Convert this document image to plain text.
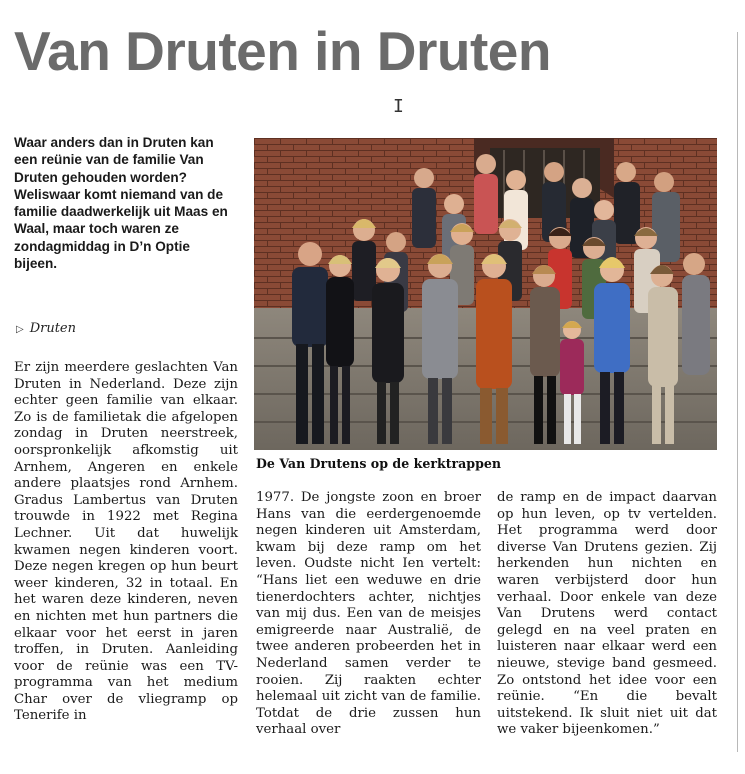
Van Druten in Druten
I

Waar anders dan in Druten kan een reünie van de familie Van Druten gehouden worden? Weliswaar komt niemand van de familie daadwerkelijk uit Maas en Waal, maar toch waren ze zondagmiddag in D’n Optie bijeen.

▷ Druten

Er zijn meerdere geslachten Van Druten in Nederland. Deze zijn echter geen familie van elkaar. Zo is de familietak die afgelopen zondag in Druten neerstreek, oorspronkelijk afkomstig uit Arnhem, Angeren en enkele andere plaatsjes rond Arnhem. Gradus Lambertus van Druten trouwde in 1922 met Regina Lechner. Uit dat huwelijk kwamen negen kinderen voort. Deze negen kregen op hun beurt weer kinderen, 32 in totaal. En het waren deze kinderen, neven en nichten met hun partners die elkaar voor het eerst in jaren troffen, in Druten. Aanleiding voor de reünie was een TV-programma van het medium Char over de vliegramp op Tenerife in

De Van Drutens op de kerktrappen

1977. De jongste zoon en broer Hans van die eerdergenoemde negen kinderen uit Amsterdam, kwam bij deze ramp om het leven. Oudste nicht Ien vertelt: “Hans liet een weduwe en drie tienerdochters achter, nichtjes van mij dus. Een van de meisjes emigreerde naar Australië, de twee anderen probeerden het in Nederland samen verder te rooien. Zij raakten echter helemaal uit zicht van de familie. Totdat de drie zussen hun verhaal over

de ramp en de impact daarvan op hun leven, op tv vertelden. Het programma werd door diverse Van Drutens gezien. Zij herkenden hun nichten en waren verbijsterd door hun verhaal. Door enkele van deze Van Drutens werd contact gelegd en na veel praten en luisteren naar elkaar werd een nieuwe, stevige band gesmeed. Zo ontstond het idee voor een reünie. “En die bevalt uitstekend. Ik sluit niet uit dat we vaker bijeenkomen.”
